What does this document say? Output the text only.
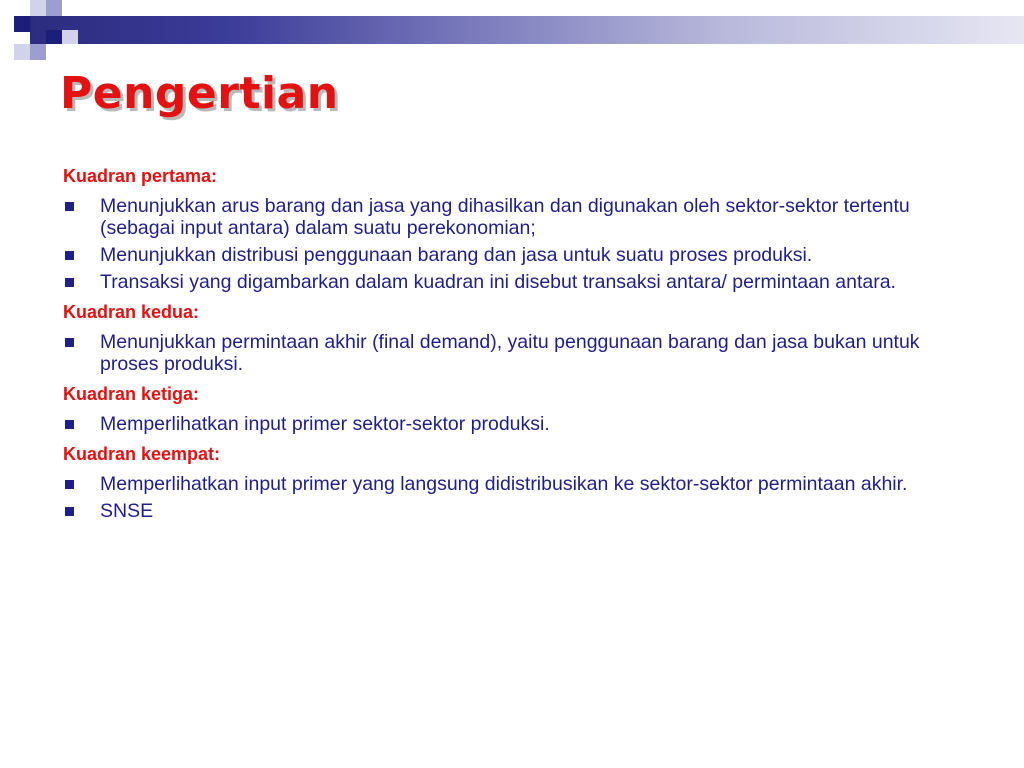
Pengertian
Kuadran pertama:
Menunjukkan arus barang dan jasa yang dihasilkan dan digunakan oleh sektor-sektor tertentu (sebagai input antara) dalam suatu perekonomian;
Menunjukkan distribusi penggunaan barang dan jasa untuk suatu proses produksi.
Transaksi yang digambarkan dalam kuadran ini disebut transaksi antara/ permintaan antara.
Kuadran kedua:
Menunjukkan permintaan akhir (final demand), yaitu penggunaan barang dan jasa bukan untuk proses produksi.
Kuadran ketiga:
Memperlihatkan input primer sektor-sektor produksi.
Kuadran keempat:
Memperlihatkan input primer yang langsung didistribusikan ke sektor-sektor permintaan akhir.
SNSE
